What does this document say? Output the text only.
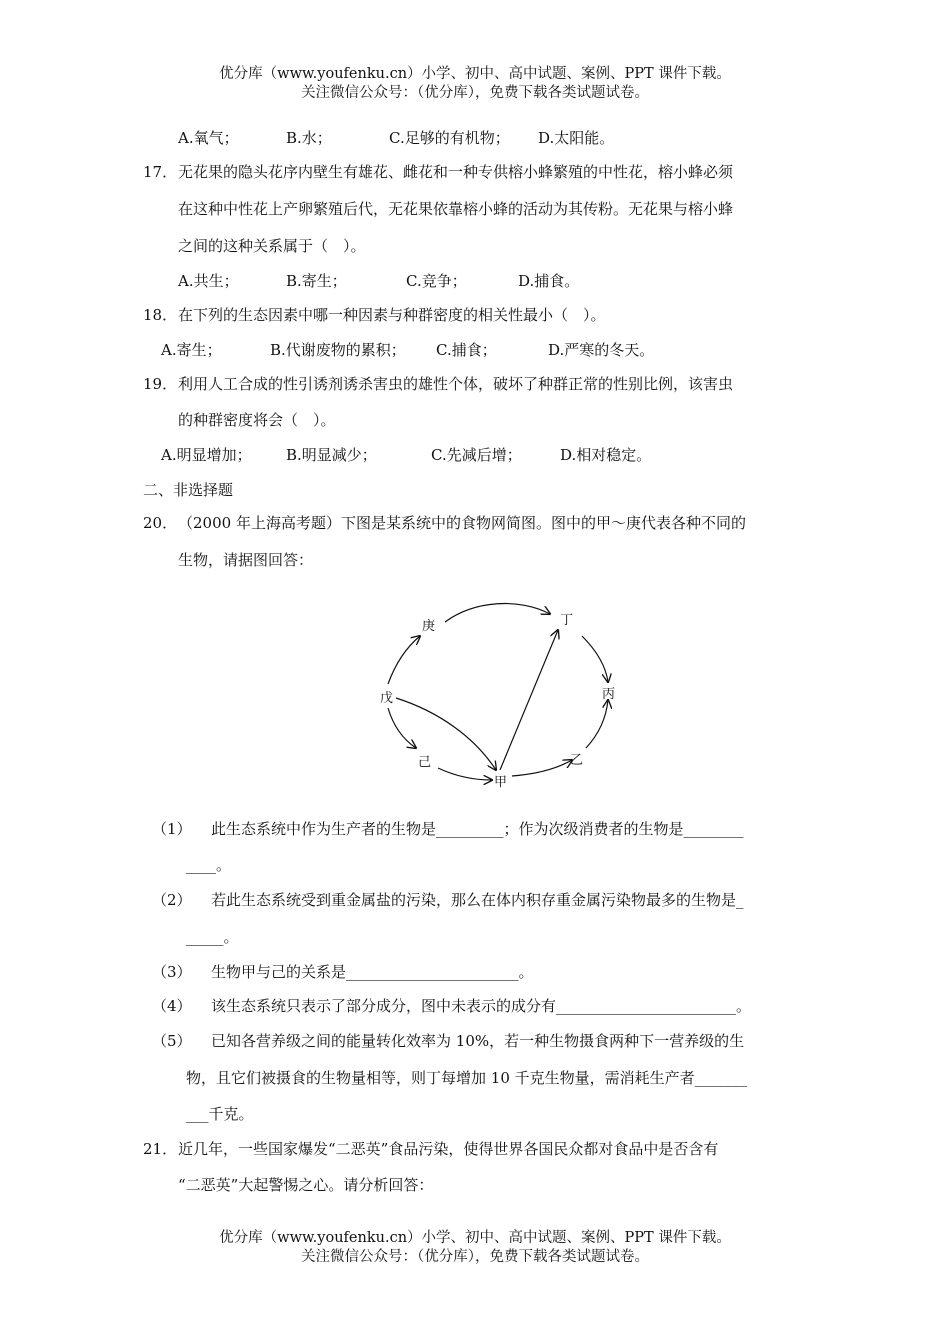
优分库（www.youfenku.cn）小学、初中、高中试题、案例、PPT 课件下载。
关注微信公众号：（优分库），免费下载各类试题试卷。
A.氧气；	B.水；	C.足够的有机物； D.太阳能。
17． 无花果的隐头花序内壁生有雄花、雌花和一种专供榕小蜂繁殖的中性花，榕小蜂必须
在这种中性花上产卵繁殖后代，无花果依靠榕小蜂的活动为其传粉。无花果与榕小蜂
之间的这种关系属于（　）。
A.共生；	B.寄生；	C.竞争；	D.捕食。
18． 在下列的生态因素中哪一种因素与种群密度的相关性最小（　）。
A.寄生；	B.代谢废物的累积； C.捕食；	D.严寒的冬天。
19． 利用人工合成的性引诱剂诱杀害虫的雄性个体，破坏了种群正常的性别比例，该害虫
的种群密度将会（　）。
A.明显增加； B.明显减少；	C.先减后增；	D.相对稳定。
二、非选择题
20． （2000 年上海高考题）下图是某系统中的食物网简图。图中的甲～庚代表各种不同的
生物，请据图回答：
庚	丁
戊	丙
己
甲
乙
（1） 此生态系统中作为生产者的生物是_________；作为次级消费者的生物是________
____。
（2） 若此生态系统受到重金属盐的污染，那么在体内积存重金属污染物最多的生物是_
_____。
（3） 生物甲与己的关系是_______________________。
（4） 该生态系统只表示了部分成分，图中未表示的成分有________________________。
（5） 已知各营养级之间的能量转化效率为 10%，若一种生物摄食两种下一营养级的生
物，且它们被摄食的生物量相等，则丁每增加 10 千克生物量，需消耗生产者_______
___千克。
21． 近几年，一些国家爆发“二恶英”食品污染，使得世界各国民众都对食品中是否含有
“二恶英”大起警惕之心。请分析回答：
优分库（www.youfenku.cn）小学、初中、高中试题、案例、PPT 课件下载。
关注微信公众号：（优分库），免费下载各类试题试卷。
